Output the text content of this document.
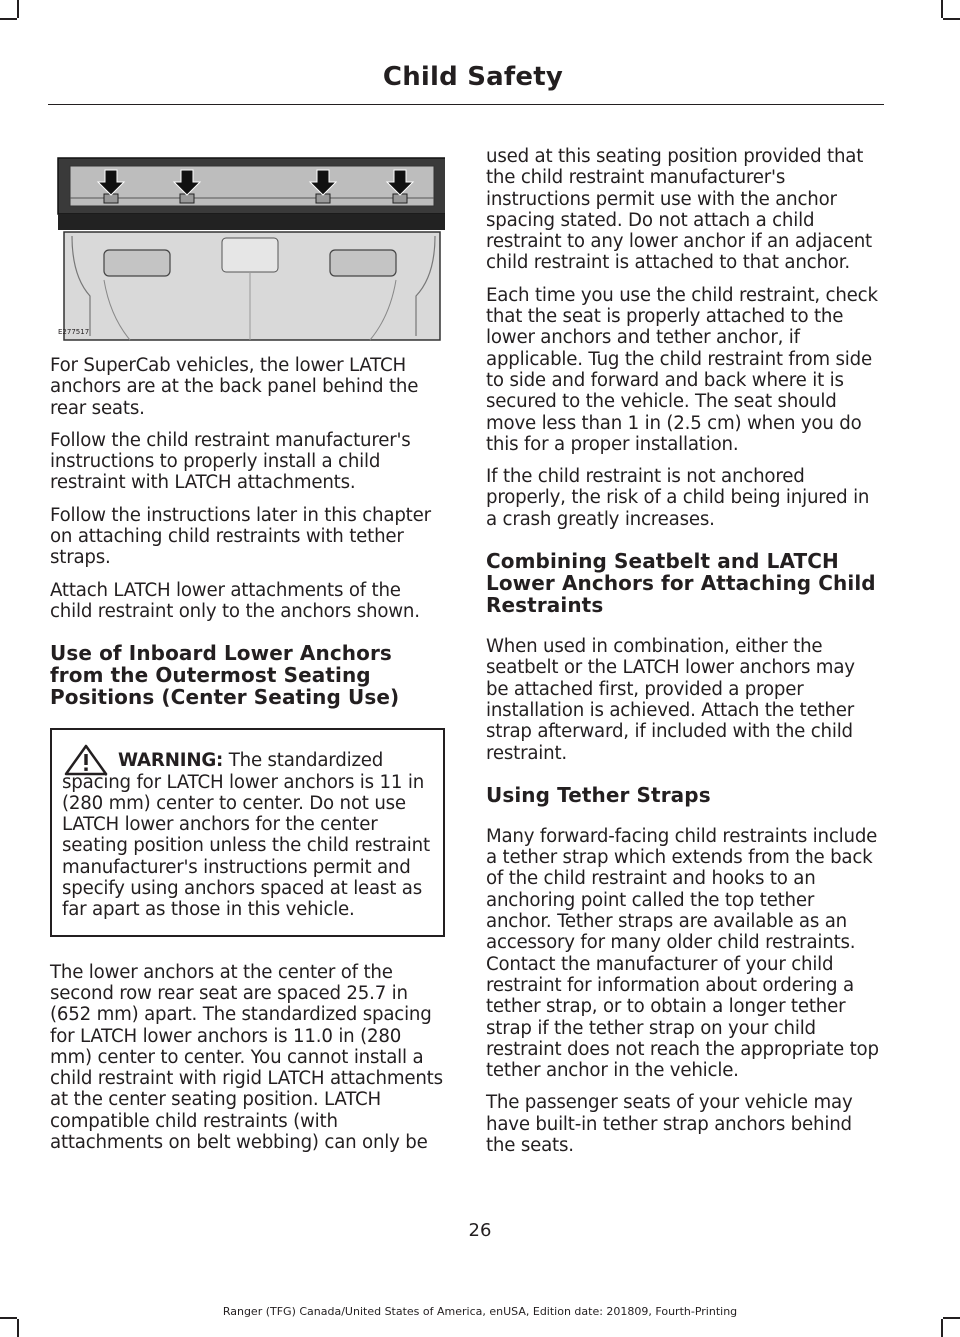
Child Safety
E277517

For SuperCab vehicles, the lower LATCH anchors are at the back panel behind the rear seats.

Follow the child restraint manufacturer's instructions to properly install a child restraint with LATCH attachments.

Follow the instructions later in this chapter on attaching child restraints with tether straps.

Attach LATCH lower attachments of the child restraint only to the anchors shown.

Use of Inboard Lower Anchors from the Outermost Seating Positions (Center Seating Use)

WARNING: The standardized spacing for LATCH lower anchors is 11 in (280 mm) center to center. Do not use LATCH lower anchors for the center seating position unless the child restraint manufacturer's instructions permit and specify using anchors spaced at least as far apart as those in this vehicle.

The lower anchors at the center of the second row rear seat are spaced 25.7 in (652 mm) apart. The standardized spacing for LATCH lower anchors is 11.0 in (280 mm) center to center. You cannot install a child restraint with rigid LATCH attachments at the center seating position. LATCH compatible child restraints (with attachments on belt webbing) can only be

used at this seating position provided that the child restraint manufacturer's instructions permit use with the anchor spacing stated. Do not attach a child restraint to any lower anchor if an adjacent child restraint is attached to that anchor.

Each time you use the child restraint, check that the seat is properly attached to the lower anchors and tether anchor, if applicable. Tug the child restraint from side to side and forward and back where it is secured to the vehicle. The seat should move less than 1 in (2.5 cm) when you do this for a proper installation.

If the child restraint is not anchored properly, the risk of a child being injured in a crash greatly increases.

Combining Seatbelt and LATCH Lower Anchors for Attaching Child Restraints

When used in combination, either the seatbelt or the LATCH lower anchors may be attached first, provided a proper installation is achieved. Attach the tether strap afterward, if included with the child restraint.

Using Tether Straps

Many forward-facing child restraints include a tether strap which extends from the back of the child restraint and hooks to an anchoring point called the top tether anchor. Tether straps are available as an accessory for many older child restraints. Contact the manufacturer of your child restraint for information about ordering a tether strap, or to obtain a longer tether strap if the tether strap on your child restraint does not reach the appropriate top tether anchor in the vehicle.

The passenger seats of your vehicle may have built-in tether strap anchors behind the seats.

26
Ranger (TFG) Canada/United States of America, enUSA, Edition date: 201809, Fourth-Printing
